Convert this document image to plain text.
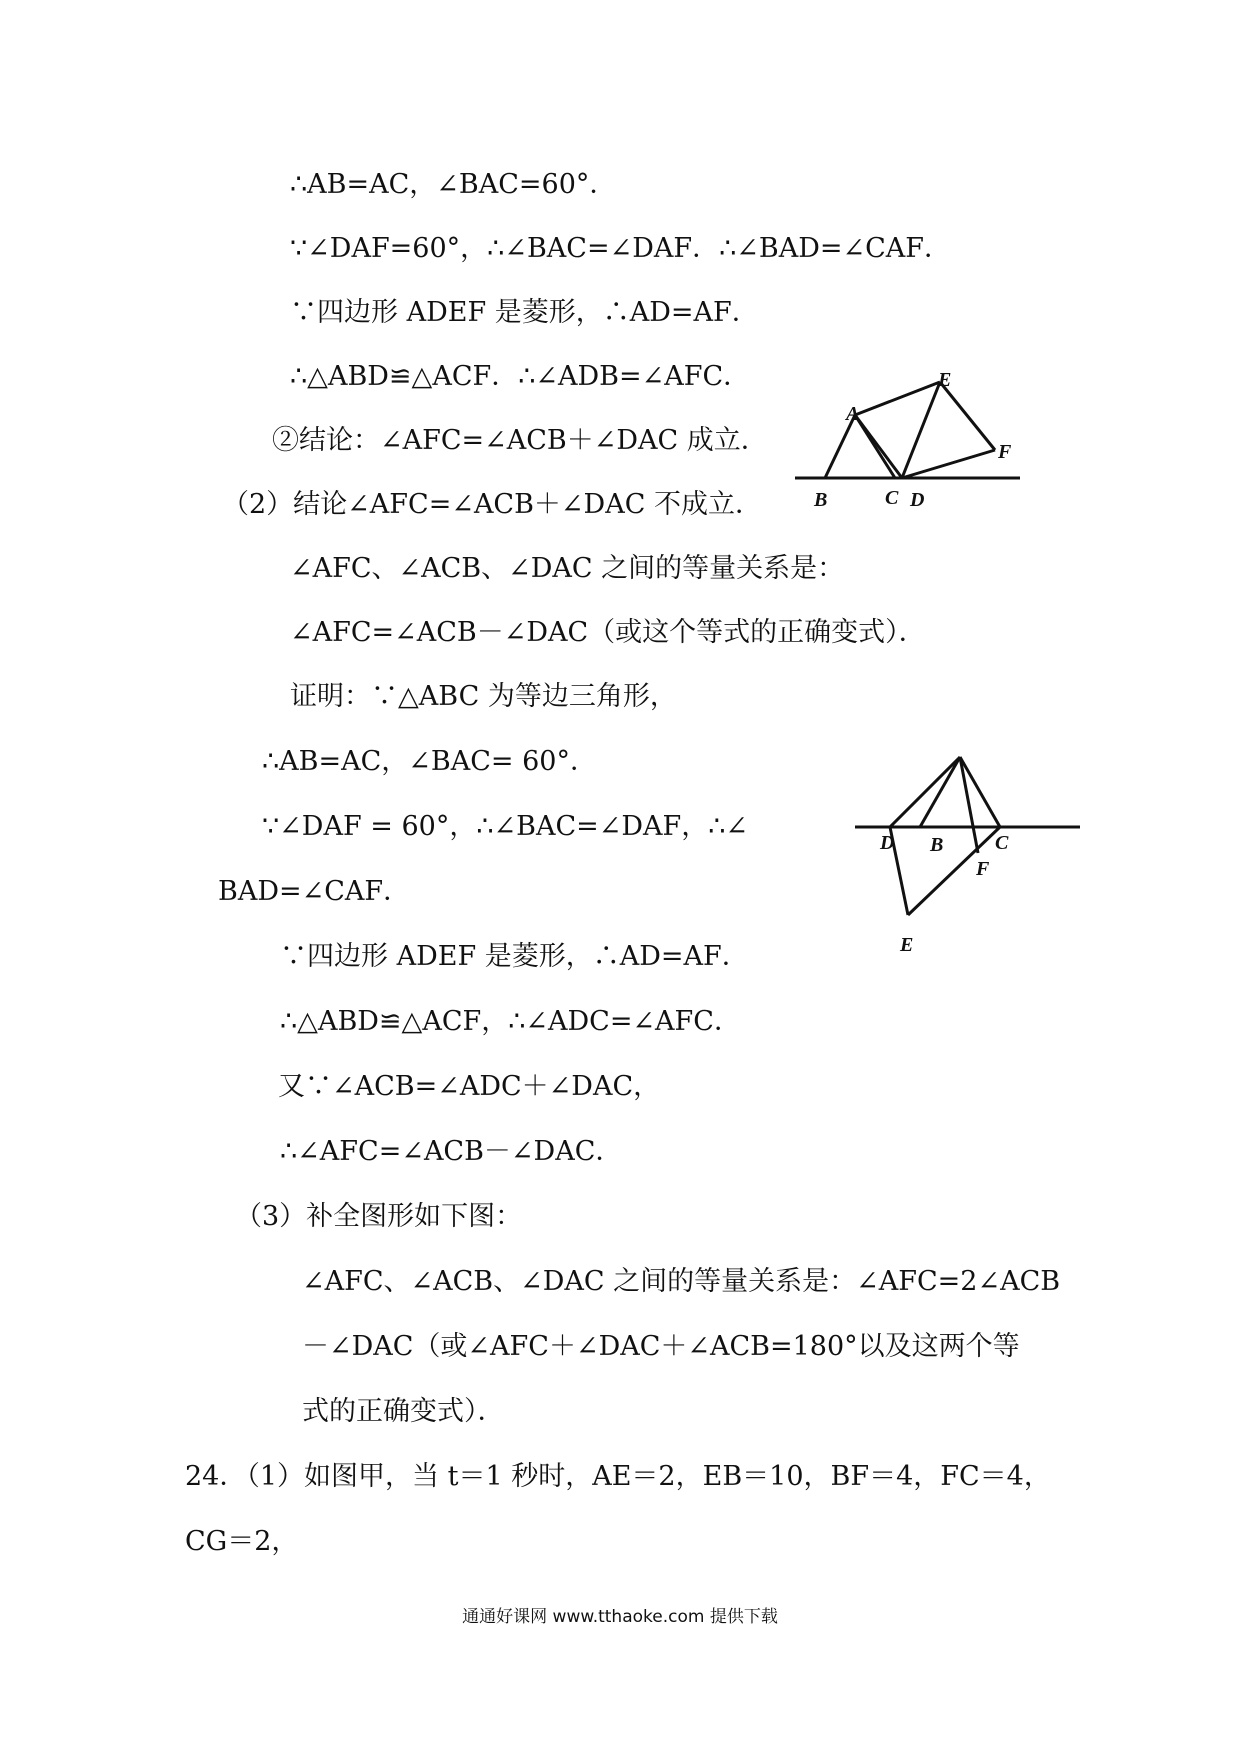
∴AB=AC，∠BAC=60°．
∵∠DAF=60°，∴∠BAC=∠DAF．∴∠BAD=∠CAF．
∵四边形 ADEF 是菱形，∴AD=AF．
∴△ABD≌△ACF．∴∠ADB=∠AFC．
②结论：∠AFC=∠ACB＋∠DAC 成立．
（2）结论∠AFC=∠ACB＋∠DAC 不成立．
∠AFC、∠ACB、∠DAC 之间的等量关系是：
∠AFC=∠ACB－∠DAC（或这个等式的正确变式）．
证明：∵△ABC 为等边三角形，
∴AB=AC，∠BAC= 60°．
∵∠DAF = 60°，∴∠BAC=∠DAF，∴∠
BAD=∠CAF．
∵四边形 ADEF 是菱形，∴AD=AF．
∴△ABD≌△ACF，∴∠ADC=∠AFC．
又∵∠ACB=∠ADC＋∠DAC，
∴∠AFC=∠ACB－∠DAC．
（3）补全图形如下图：
∠AFC、∠ACB、∠DAC 之间的等量关系是：∠AFC=2∠ACB
－∠DAC（或∠AFC＋∠DAC＋∠ACB=180°以及这两个等
式的正确变式）．
24．（1）如图甲，当 t＝1 秒时，AE＝2，EB＝10，BF＝4，FC＝4，
CG＝2，
A
E
F
B	C D
D B	C
F
E
通通好课网 www.tthaoke.com 提供下载
